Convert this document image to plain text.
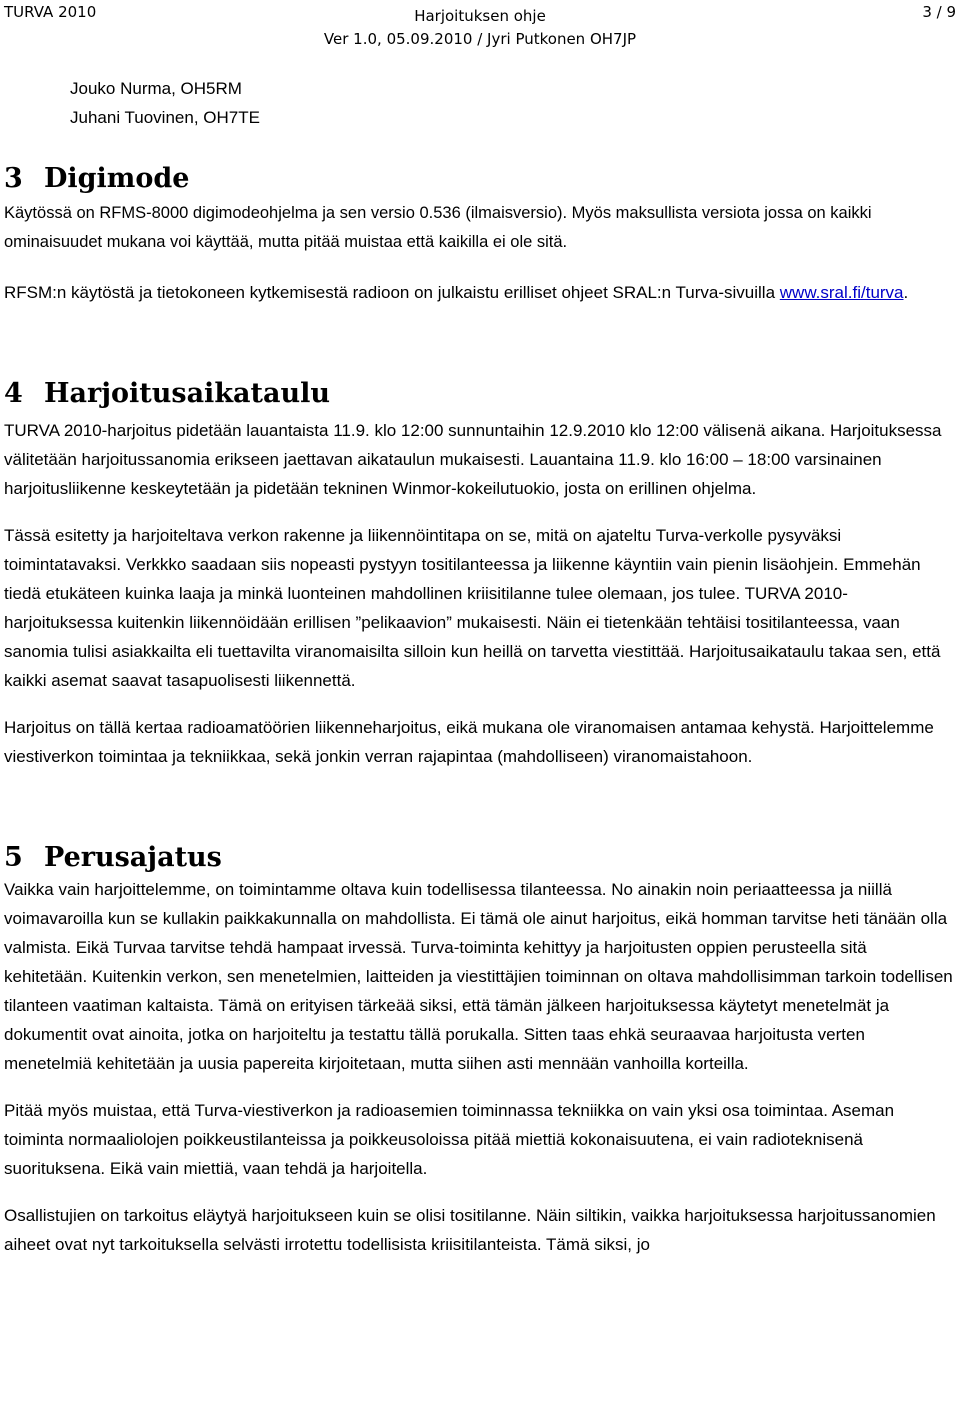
TURVA 2010	Harjoituksen ohje
Ver 1.0, 05.09.2010 / Jyri Putkonen OH7JP
3 / 9
Jouko Nurma, OH5RM
Juhani Tuovinen, OH7TE
3 Digimode

Käytössä on RFMS-8000 digimodeohjelma ja sen versio 0.536 (ilmaisversio). Myös maksullista versiota jossa on kaikki ominaisuudet mukana voi käyttää, mutta pitää muistaa että kaikilla ei ole sitä.

RFSM:n käytöstä ja tietokoneen kytkemisestä radioon on julkaistu erilliset ohjeet SRAL:n Turva-sivuilla www.sral.fi/turva.

4 Harjoitusaikataulu

TURVA 2010-harjoitus pidetään lauantaista 11.9. klo 12:00 sunnuntaihin 12.9.2010 klo 12:00 välisenä aikana. Harjoituksessa välitetään harjoitussanomia erikseen jaettavan aikataulun mukaisesti. Lauantaina 11.9. klo 16:00 – 18:00 varsinainen harjoitusliikenne keskeytetään ja pidetään tekninen Winmor-kokeilutuokio, josta on erillinen ohjelma.

Tässä esitetty ja harjoiteltava verkon rakenne ja liikennöintitapa on se, mitä on ajateltu Turva-verkolle pysyväksi toimintatavaksi. Verkkko saadaan siis nopeasti pystyyn tositilanteessa ja liikenne käyntiin vain pienin lisäohjein. Emmehän tiedä etukäteen kuinka laaja ja minkä luonteinen mahdollinen kriisitilanne tulee olemaan, jos tulee. TURVA 2010-harjoituksessa kuitenkin liikennöidään erillisen ”pelikaavion” mukaisesti. Näin ei tietenkään tehtäisi tositilanteessa, vaan sanomia tulisi asiakkailta eli tuettavilta viranomaisilta silloin kun heillä on tarvetta viestittää. Harjoitusaikataulu takaa sen, että kaikki asemat saavat tasapuolisesti liikennettä.

Harjoitus on tällä kertaa radioamatöörien liikenneharjoitus, eikä mukana ole viranomaisen antamaa kehystä. Harjoittelemme viestiverkon toimintaa ja tekniikkaa, sekä jonkin verran rajapintaa (mahdolliseen) viranomaistahoon.

5 Perusajatus

Vaikka vain harjoittelemme, on toimintamme oltava kuin todellisessa tilanteessa. No ainakin noin periaatteessa ja niillä voimavaroilla kun se kullakin paikkakunnalla on mahdollista. Ei tämä ole ainut harjoitus, eikä homman tarvitse heti tänään olla valmista. Eikä Turvaa tarvitse tehdä hampaat irvessä. Turva-toiminta kehittyy ja harjoitusten oppien perusteella sitä kehitetään. Kuitenkin verkon, sen menetelmien, laitteiden ja viestittäjien toiminnan on oltava mahdollisimman tarkoin todellisen tilanteen vaatiman kaltaista. Tämä on erityisen tärkeää siksi, että tämän jälkeen harjoituksessa käytetyt menetelmät ja dokumentit ovat ainoita, jotka on harjoiteltu ja testattu tällä porukalla. Sitten taas ehkä seuraavaa harjoitusta verten menetelmiä kehitetään ja uusia papereita kirjoitetaan, mutta siihen asti mennään vanhoilla korteilla.

Pitää myös muistaa, että Turva-viestiverkon ja radioasemien toiminnassa tekniikka on vain yksi osa toimintaa. Aseman toiminta normaaliolojen poikkeustilanteissa ja poikkeusoloissa pitää miettiä kokonaisuutena, ei vain radioteknisenä suorituksena. Eikä vain miettiä, vaan tehdä ja harjoitella.

Osallistujien on tarkoitus eläytyä harjoitukseen kuin se olisi tositilanne. Näin siltikin, vaikka harjoituksessa harjoitussanomien aiheet ovat nyt tarkoituksella selvästi irrotettu todellisista kriisitilanteista. Tämä siksi, jo
